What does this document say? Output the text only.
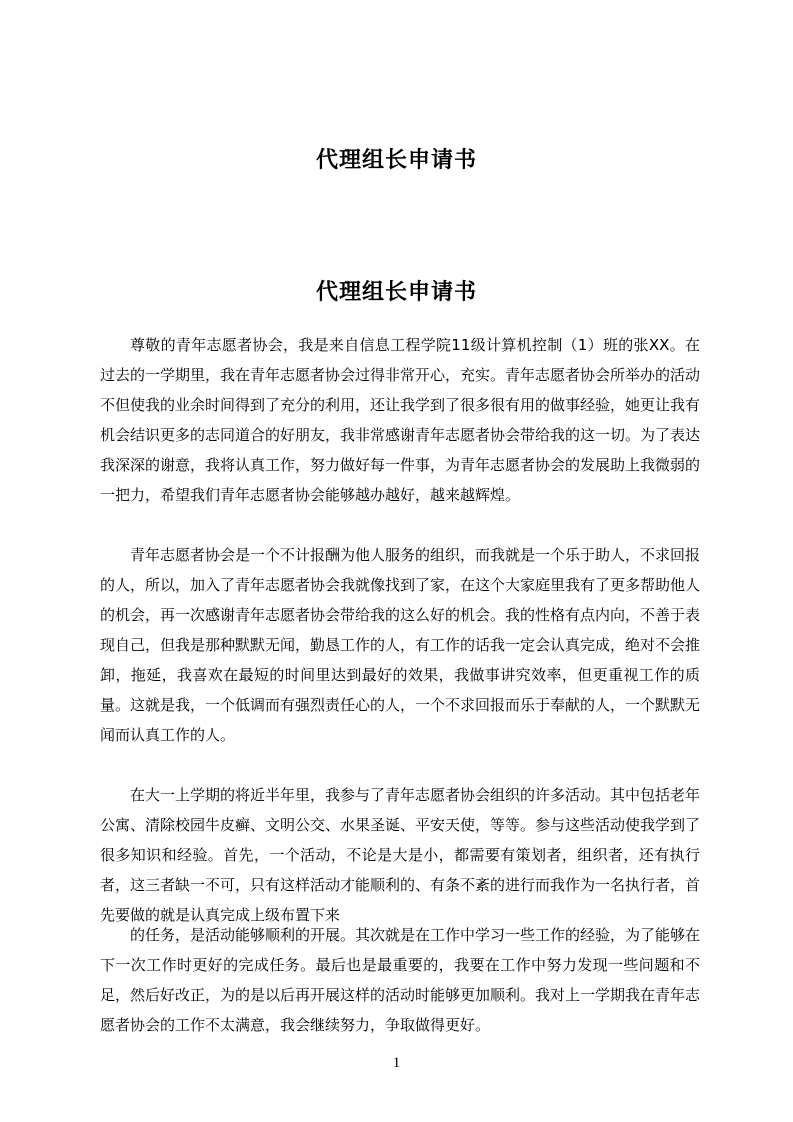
代理组长申请书
代理组长申请书

尊敬的青年志愿者协会，我是来自信息工程学院11级计算机控制（1）班的张XX。在过去的一学期里，我在青年志愿者协会过得非常开心，充实。青年志愿者协会所举办的活动不但使我的业余时间得到了充分的利用，还让我学到了很多很有用的做事经验，她更让我有机会结识更多的志同道合的好朋友，我非常感谢青年志愿者协会带给我的这一切。为了表达我深深的谢意，我将认真工作，努力做好每一件事，为青年志愿者协会的发展助上我微弱的一把力，希望我们青年志愿者协会能够越办越好，越来越辉煌。

青年志愿者协会是一个不计报酬为他人服务的组织，而我就是一个乐于助人，不求回报的人，所以，加入了青年志愿者协会我就像找到了家，在这个大家庭里我有了更多帮助他人的机会，再一次感谢青年志愿者协会带给我的这么好的机会。我的性格有点内向，不善于表现自己，但我是那种默默无闻，勤恳工作的人，有工作的话我一定会认真完成，绝对不会推卸，拖延，我喜欢在最短的时间里达到最好的效果，我做事讲究效率，但更重视工作的质量。这就是我，一个低调而有强烈责任心的人，一个不求回报而乐于奉献的人，一个默默无闻而认真工作的人。

在大一上学期的将近半年里，我参与了青年志愿者协会组织的许多活动。其中包括老年公寓、清除校园牛皮癣、文明公交、水果圣诞、平安天使，等等。参与这些活动使我学到了很多知识和经验。首先，一个活动，不论是大是小，都需要有策划者，组织者，还有执行者，这三者缺一不可，只有这样活动才能顺利的、有条不紊的进行而我作为一名执行者，首先要做的就是认真完成上级布置下来

的任务，是活动能够顺利的开展。其次就是在工作中学习一些工作的经验，为了能够在下一次工作时更好的完成任务。最后也是最重要的，我要在工作中努力发现一些问题和不足，然后好改正，为的是以后再开展这样的活动时能够更加顺利。我对上一学期我在青年志愿者协会的工作不太满意，我会继续努力，争取做得更好。

1
